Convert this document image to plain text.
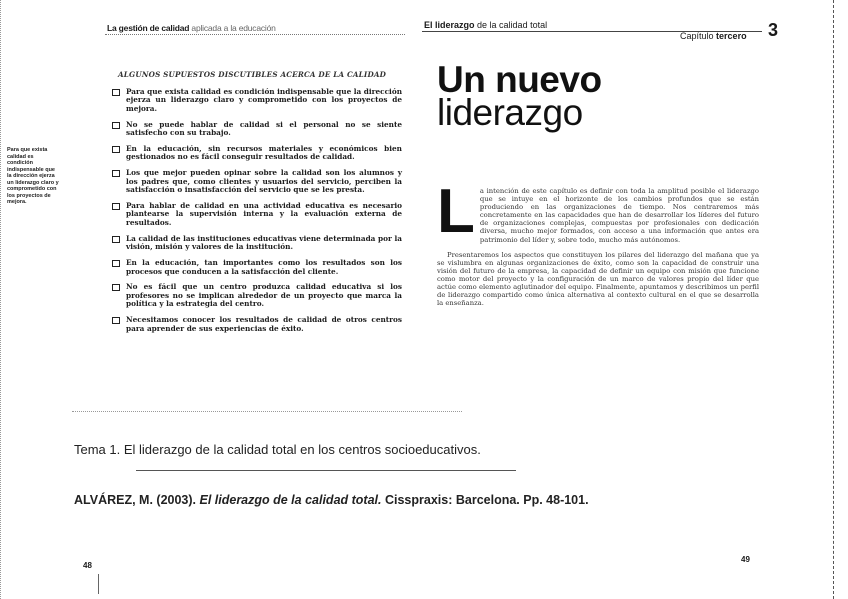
La gestión de calidad aplicada a la educación	El liderazgo de la calidad total
Capítulo tercero 3
ALGUNOS SUPUESTOS DISCUTIBLES ACERCA DE LA CALIDAD
Para que exista calidad es condición indispensable que la dirección ejerza un liderazgo claro y comprometido con los proyectos de mejora.
No se puede hablar de calidad si el personal no se siente satisfecho con su trabajo.
En la educación, sin recursos materiales y económicos bien gestionados no es fácil conseguir resultados de calidad.
Los que mejor pueden opinar sobre la calidad son los alumnos y los padres que, como clientes y usuarios del servicio, perciben la satisfacción o insatisfacción del servicio que se les presta.
Para hablar de calidad en una actividad educativa es necesario plantearse la supervisión interna y la evaluación externa de resultados.
La calidad de las instituciones educativas viene determinada por la visión, misión y valores de la institución.
En la educación, tan importantes como los resultados son los procesos que conducen a la satisfacción del cliente.
No es fácil que un centro produzca calidad educativa si los profesores no se implican alrededor de un proyecto que marca la política y la estrategia del centro.
Necesitamos conocer los resultados de calidad de otros centros para aprender de sus experiencias de éxito.
Para que exista calidad es condición indispensable que la dirección ejerza un liderazgo claro y comprometido con los proyectos de mejora.
Un nuevo
liderazgo
L a intención de este capítulo es definir con toda la amplitud posible el liderazgo que se intuye en el horizonte de los cambios profundos que se están produciendo en las organizaciones de tiempo. Nos centraremos más concretamente en las capacidades que han de desarrollar los líderes del futuro de organizaciones complejas, compuestas por profesionales con dedicación diversa, mucho mejor formados, con acceso a una información que antes era patrimonio del líder y, sobre todo, mucho más autónomos.

Presentaremos los aspectos que constituyen los pilares del liderazgo del mañana que ya se vislumbra en algunas organizaciones de éxito, como son la capacidad de construir una visión del futuro de la empresa, la capacidad de definir un equipo con misión que funcione como motor del proyecto y la configuración de un marco de valores propio del líder que actúe como elemento aglutinador del equipo. Finalmente, apuntamos y describimos un perfil de liderazgo compartido como única alternativa al contexto cultural en el que se desarrolla la enseñanza.

Tema 1. El liderazgo de la calidad total en los centros socioeducativos.
ALVÁREZ, M. (2003). El liderazgo de la calidad total. Cisspraxis: Barcelona. Pp. 48-101.
48
49
